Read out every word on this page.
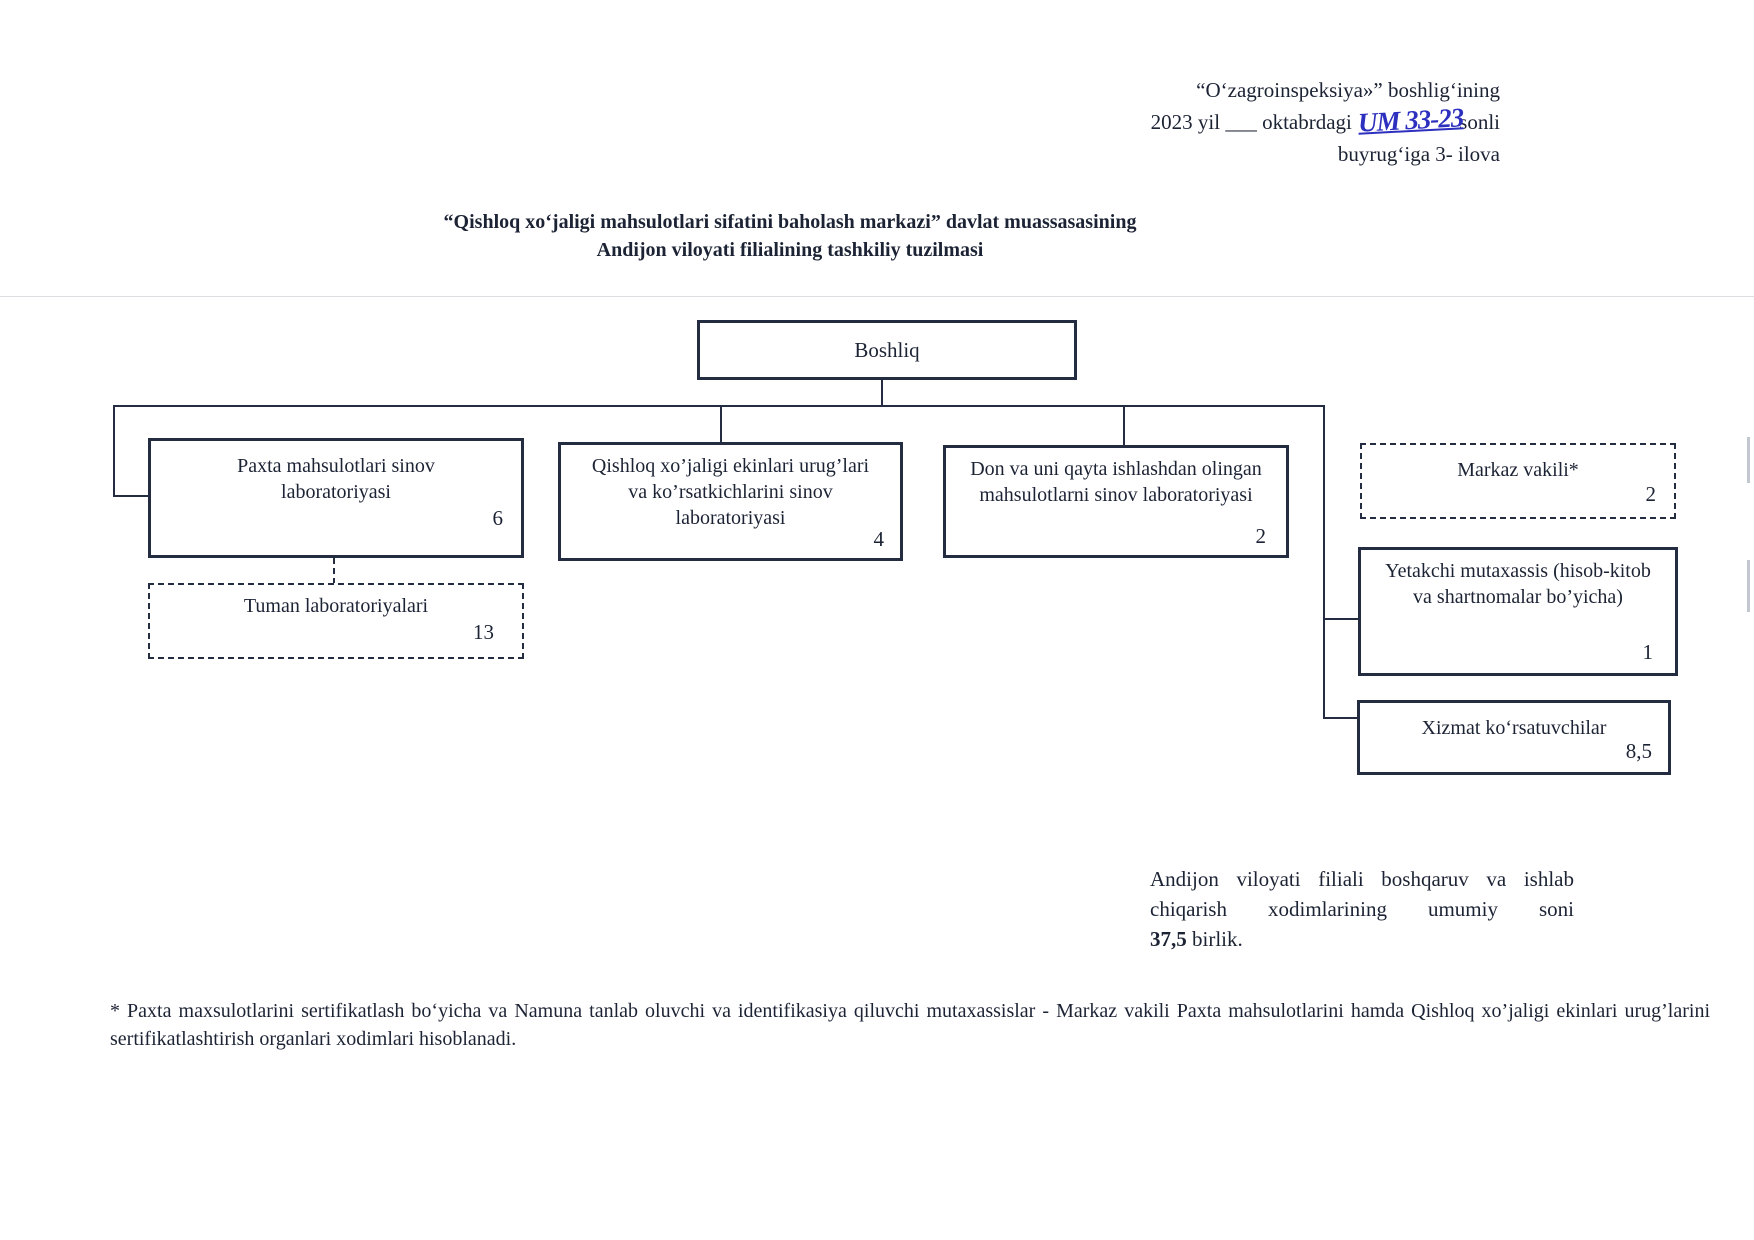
“O‘zagroinspeksiya»” boshlig‘ining
2023 yil ___ oktabrdagi UM 33-23sonli
buyrug‘iga 3- ilova
“Qishloq xo‘jaligi mahsulotlari sifatini baholash markazi” davlat muassasasining
Andijon viloyati filialining tashkiliy tuzilmasi
Boshliq
Paxta mahsulotlari sinov laboratoriyasi
6
Tuman laboratoriyalari
13
Qishloq xo’jaligi ekinlari urug’lari va ko’rsatkichlarini sinov laboratoriyasi
4
Don va uni qayta ishlashdan olingan mahsulotlarni sinov laboratoriyasi
2
Markaz vakili*
2
Yetakchi mutaxassis (hisob-kitob va shartnomalar bo’yicha)
1
Xizmat ko‘rsatuvchilar
8,5
Andijon viloyati filiali boshqaruv va ishlab
chiqarish xodimlarining umumiy soni
37,5 birlik.
* Paxta maxsulotlarini sertifikatlash bo‘yicha va Namuna tanlab oluvchi va identifikasiya qiluvchi mutaxassislar - Markaz vakili Paxta mahsulotlarini hamda Qishloq xo’jaligi ekinlari urug’larini sertifikatlashtirish organlari xodimlari hisoblanadi.
